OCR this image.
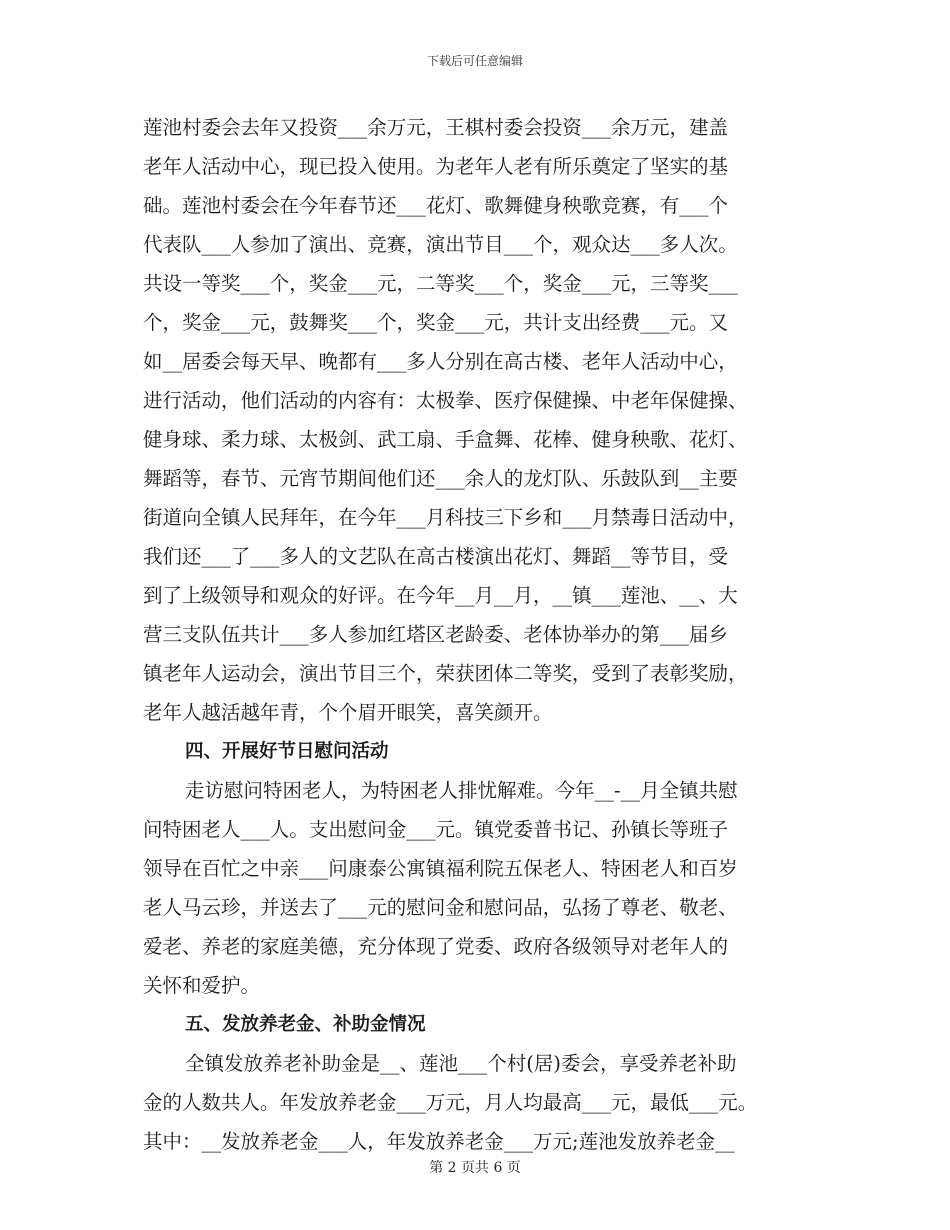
下载后可任意编辑
莲池村委会去年又投资___余万元，王棋村委会投资___余万元，建盖
老年人活动中心，现已投入使用。为老年人老有所乐奠定了坚实的基
础。莲池村委会在今年春节还___花灯、歌舞健身秧歌竞赛，有___个
代表队___人参加了演出、竞赛，演出节目___个，观众达___多人次。
共设一等奖___个，奖金___元，二等奖___个，奖金___元，三等奖___
个，奖金___元，鼓舞奖___个，奖金___元，共计支出经费___元。又
如__居委会每天早、晚都有___多人分别在高古楼、老年人活动中心，
进行活动，他们活动的内容有：太极拳、医疗保健操、中老年保健操、
健身球、柔力球、太极剑、武工扇、手盒舞、花棒、健身秧歌、花灯、
舞蹈等，春节、元宵节期间他们还___余人的龙灯队、乐鼓队到__主要
街道向全镇人民拜年，在今年___月科技三下乡和___月禁毒日活动中，
我们还___了___多人的文艺队在高古楼演出花灯、舞蹈__等节目，受
到了上级领导和观众的好评。在今年__月__月，__镇___莲池、__、大
营三支队伍共计___多人参加红塔区老龄委、老体协举办的第___届乡
镇老年人运动会，演出节目三个，荣获团体二等奖，受到了表彰奖励，
老年人越活越年青，个个眉开眼笑，喜笑颜开。
四、开展好节日慰问活动
走访慰问特困老人，为特困老人排忧解难。今年__-__月全镇共慰
问特困老人___人。支出慰问金___元。镇党委普书记、孙镇长等班子
领导在百忙之中亲___问康泰公寓镇福利院五保老人、特困老人和百岁
老人马云珍，并送去了___元的慰问金和慰问品，弘扬了尊老、敬老、
爱老、养老的家庭美德，充分体现了党委、政府各级领导对老年人的
关怀和爱护。
五、发放养老金、补助金情况
全镇发放养老补助金是__、莲池___个村(居)委会，享受养老补助
金的人数共人。年发放养老金___万元，月人均最高___元，最低___元。
其中：__发放养老金___人，年发放养老金___万元;莲池发放养老金__
第 2 页共 6 页
